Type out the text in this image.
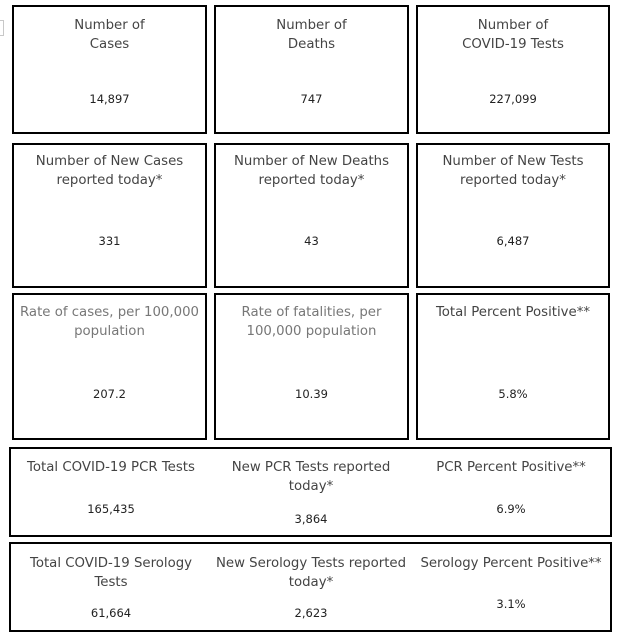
Number of
Cases
14,897
Number of
Deaths
747
Number of
COVID-19 Tests
227,099
Number of New Cases
reported today*
331
Number of New Deaths
reported today*
43
Number of New Tests
reported today*
6,487
Rate of cases, per 100,000
population
207.2
Rate of fatalities, per
100,000 population
10.39
Total Percent Positive**
5.8%
Total COVID-19 PCR Tests
165,435
New PCR Tests reported
today*
3,864
PCR Percent Positive**
6.9%
Total COVID-19 Serology
Tests
61,664
New Serology Tests reported
today*
2,623
Serology Percent Positive**
3.1%
